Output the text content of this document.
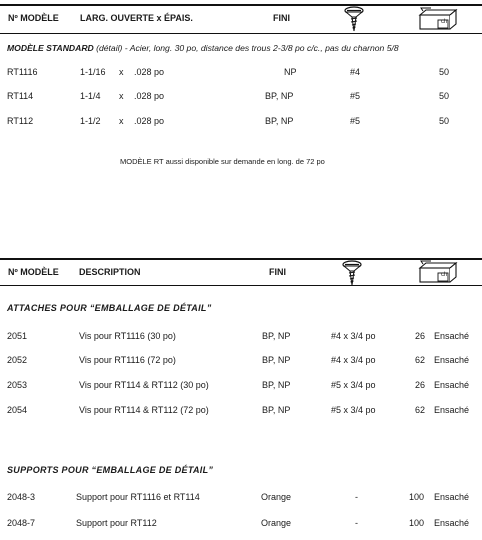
Nº MODÈLE LARG. OUVERTE x ÉPAIS.	FINI	ch
MODÈLE STANDARD (détail) - Acier, long. 30 po, distance des trous 2-3/8 po c/c., pas du charnon 5/8
RT1116	1-1/16 x .028 po	NP	#4	50
RT114	1-1/4 x .028 po	BP, NP	#5	50
RT112	1-1/2 x .028 po	BP, NP	#5	50
MODÈLE RT aussi disponible sur demande en long. de 72 po
Nº MODÈLE DESCRIPTION	FINI	ch
ATTACHES POUR “EMBALLAGE DE DÉTAIL”
2051	Vis pour RT1116 (30 po)	BP, NP	#4 x 3/4 po	26 Ensaché
2052	Vis pour RT1116 (72 po)	BP, NP	#4 x 3/4 po	62 Ensaché
2053	Vis pour RT114 & RT112 (30 po)	BP, NP	#5 x 3/4 po	26 Ensaché
2054	Vis pour RT114 & RT112 (72 po)	BP, NP	#5 x 3/4 po	62 Ensaché
SUPPORTS POUR “EMBALLAGE DE DÉTAIL”
2048-3	Support pour RT1116 et RT114	Orange	-	100 Ensaché
2048-7	Support pour RT112	Orange	-	100 Ensaché
